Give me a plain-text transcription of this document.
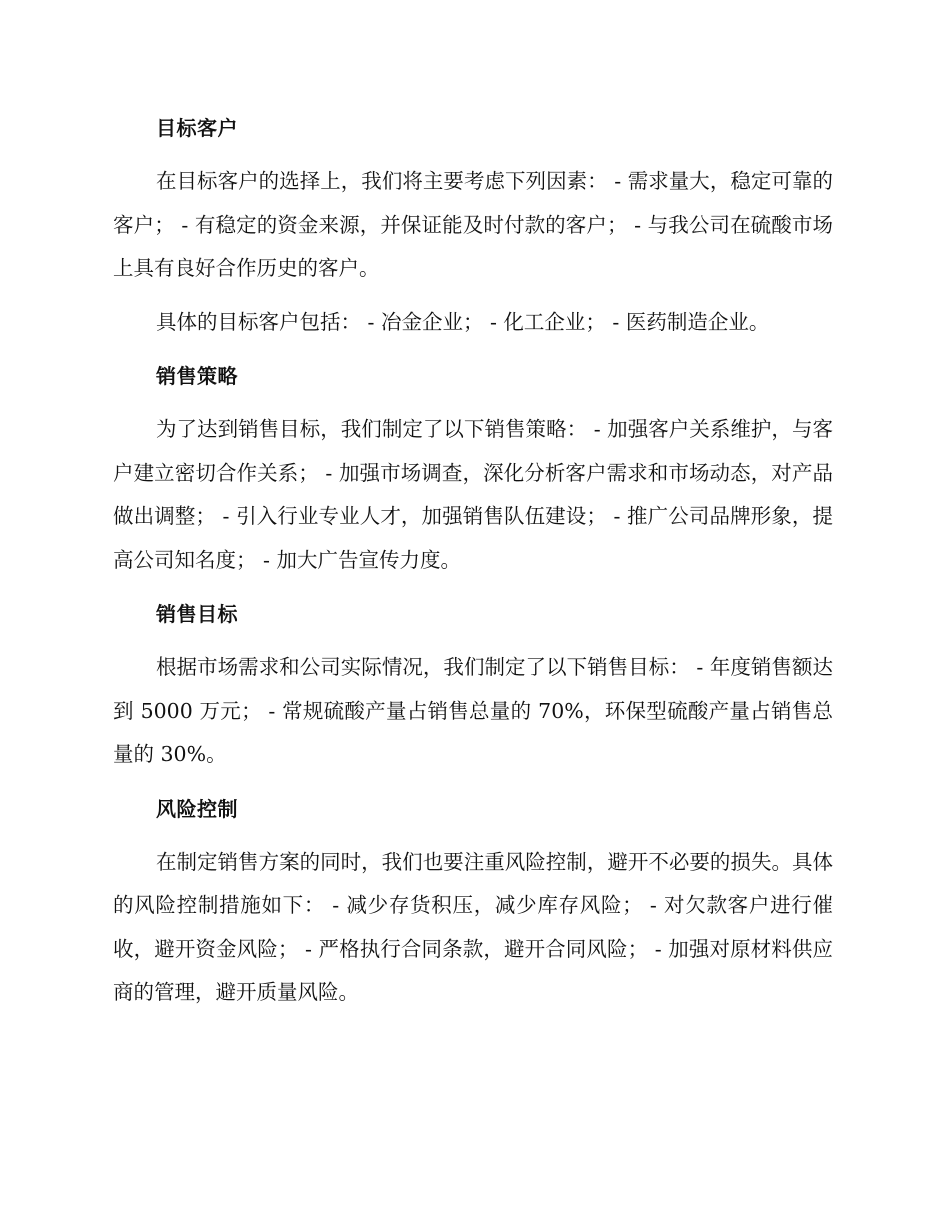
目标客户

在目标客户的选择上，我们将主要考虑下列因素： - 需求量大，稳定可靠的客户； - 有稳定的资金来源，并保证能及时付款的客户； - 与我公司在硫酸市场上具有良好合作历史的客户。

具体的目标客户包括： - 冶金企业； - 化工企业； - 医药制造企业。

销售策略

为了达到销售目标，我们制定了以下销售策略： - 加强客户关系维护，与客户建立密切合作关系； - 加强市场调查，深化分析客户需求和市场动态，对产品做出调整； - 引入行业专业人才，加强销售队伍建设； - 推广公司品牌形象，提高公司知名度； - 加大广告宣传力度。

销售目标

根据市场需求和公司实际情况，我们制定了以下销售目标： - 年度销售额达到 5000 万元； - 常规硫酸产量占销售总量的 70%，环保型硫酸产量占销售总量的 30%。

风险控制

在制定销售方案的同时，我们也要注重风险控制，避开不必要的损失。具体的风险控制措施如下： - 减少存货积压，减少库存风险； - 对欠款客户进行催收，避开资金风险； - 严格执行合同条款，避开合同风险； - 加强对原材料供应商的管理，避开质量风险。
